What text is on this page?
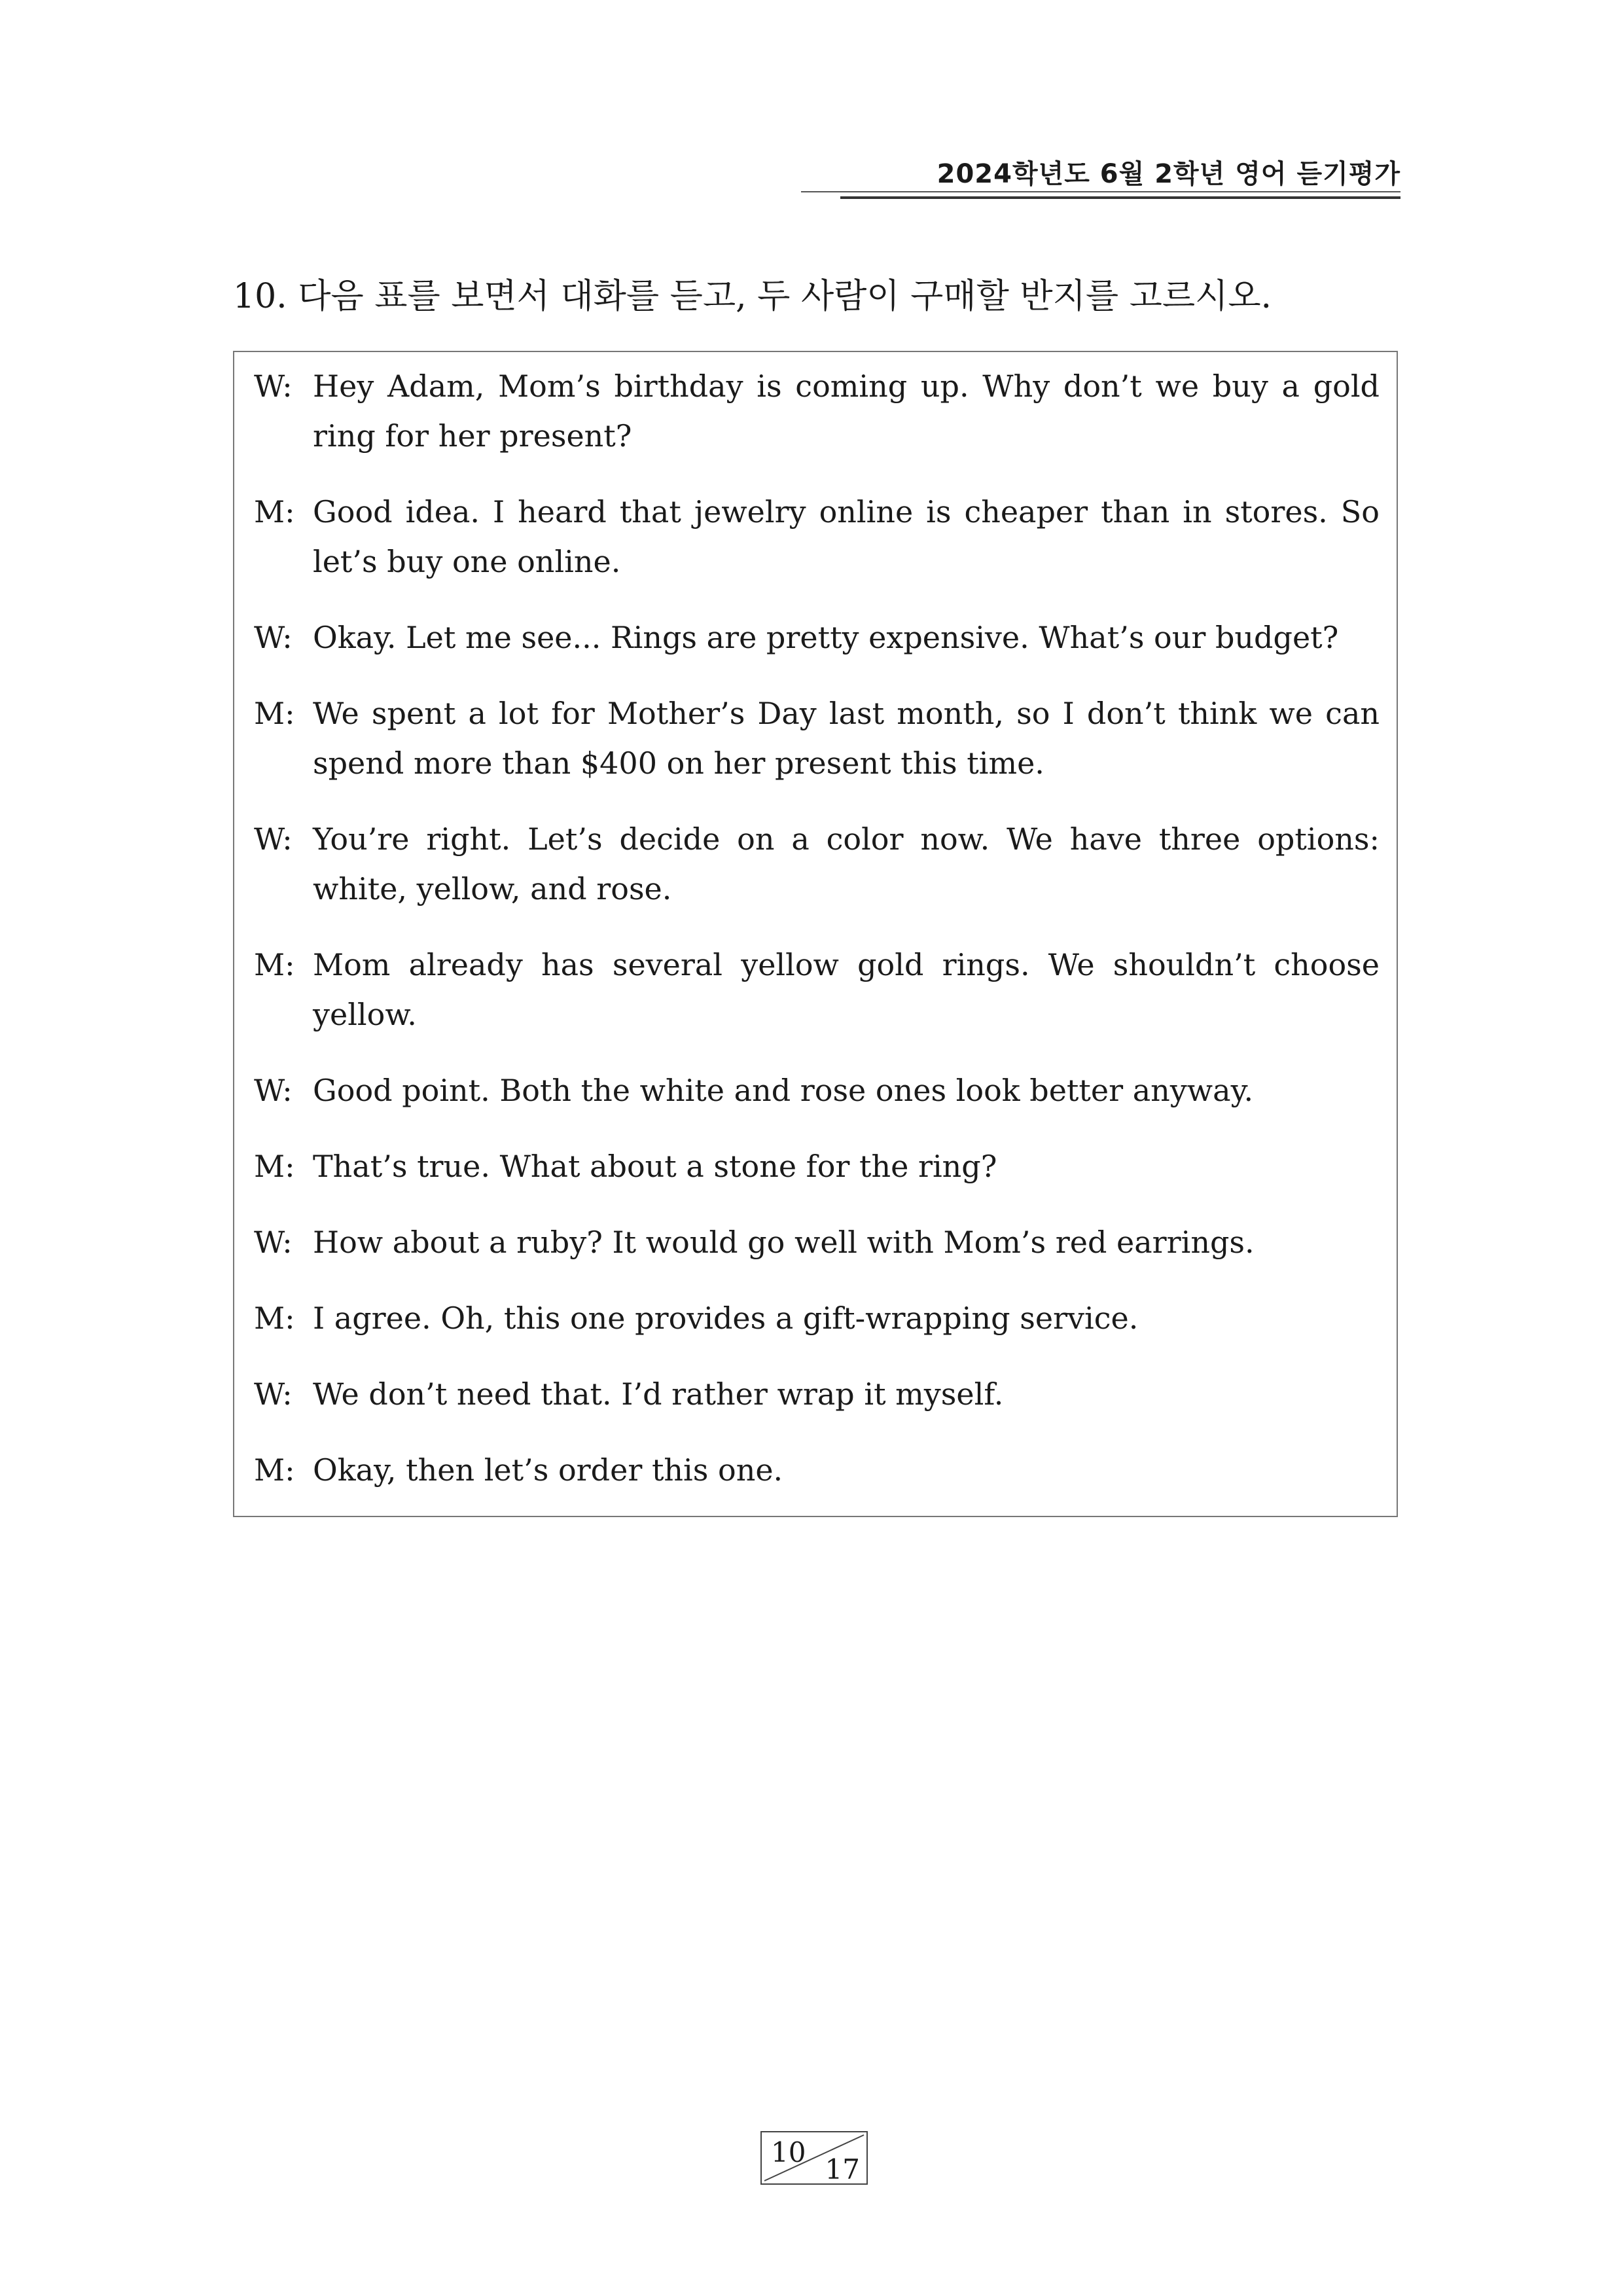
2024학년도 6월 2학년 영어 듣기평가
10. 다음 표를 보면서 대화를 듣고, 두 사람이 구매할 반지를 고르시오.
W: Hey Adam, Mom’s birthday is coming up. Why don’t we buy a gold ring for her present?
M: Good idea. I heard that jewelry online is cheaper than in stores. So let’s buy one online.
W: Okay. Let me see... Rings are pretty expensive. What’s our budget?
M: We spent a lot for Mother’s Day last month, so I don’t think we can spend more than $400 on her present this time.
W: You’re right. Let’s decide on a color now. We have three options: white, yellow, and rose.
M: Mom already has several yellow gold rings. We shouldn’t choose yellow.
W: Good point. Both the white and rose ones look better anyway.
M: That’s true. What about a stone for the ring?
W: How about a ruby? It would go well with Mom’s red earrings.
M: I agree. Oh, this one provides a gift-wrapping service.
W: We don’t need that. I’d rather wrap it myself.
M: Okay, then let’s order this one.
10
17
